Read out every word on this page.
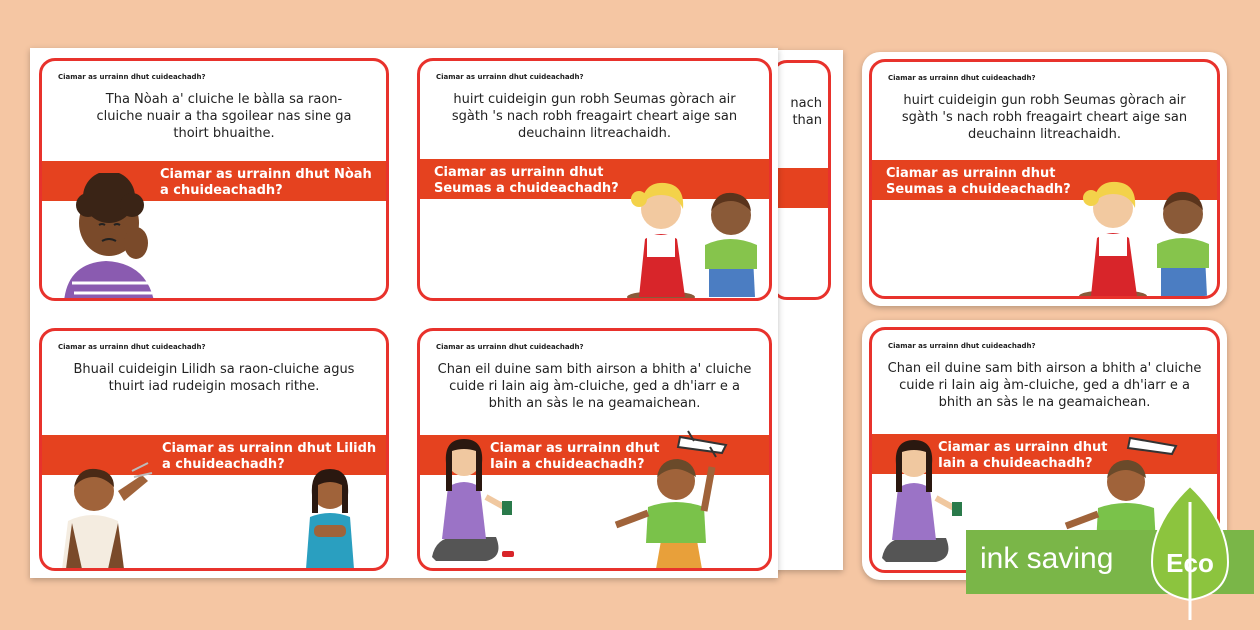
nach
than
Ciamar as urrainn dhut cuideachadh?
Tha Nòah a' cluiche le bàlla sa raon-cluiche nuair a tha sgoilear nas sine ga thoirt bhuaithe.
Ciamar as urrainn dhut Nòah a chuideachadh?
Ciamar as urrainn dhut cuideachadh?
huirt cuideigin gun robh Seumas gòrach air sgàth 's nach robh freagairt cheart aige san deuchainn litreachaidh.
Ciamar as urrainn dhut Seumas a chuideachadh?
Ciamar as urrainn dhut cuideachadh?
Bhuail cuideigin Lilidh sa raon-cluiche agus thuirt iad rudeigin mosach rithe.
Ciamar as urrainn dhut Lilidh a chuideachadh?
Ciamar as urrainn dhut cuideachadh?
Chan eil duine sam bith airson a bhith a' cluiche cuide ri Iain aig àm-cluiche, ged a dh'iarr e a bhith an sàs le na geamaichean.
Ciamar as urrainn dhut Iain a chuideachadh?
Ciamar as urrainn dhut cuideachadh?
huirt cuideigin gun robh Seumas gòrach air sgàth 's nach robh freagairt cheart aige san deuchainn litreachaidh.
Ciamar as urrainn dhut Seumas a chuideachadh?
Ciamar as urrainn dhut cuideachadh?
Chan eil duine sam bith airson a bhith a' cluiche cuide ri Iain aig àm-cluiche, ged a dh'iarr e a bhith an sàs le na geamaichean.
Ciamar as urrainn dhut Iain a chuideachadh?
ink saving Eco
